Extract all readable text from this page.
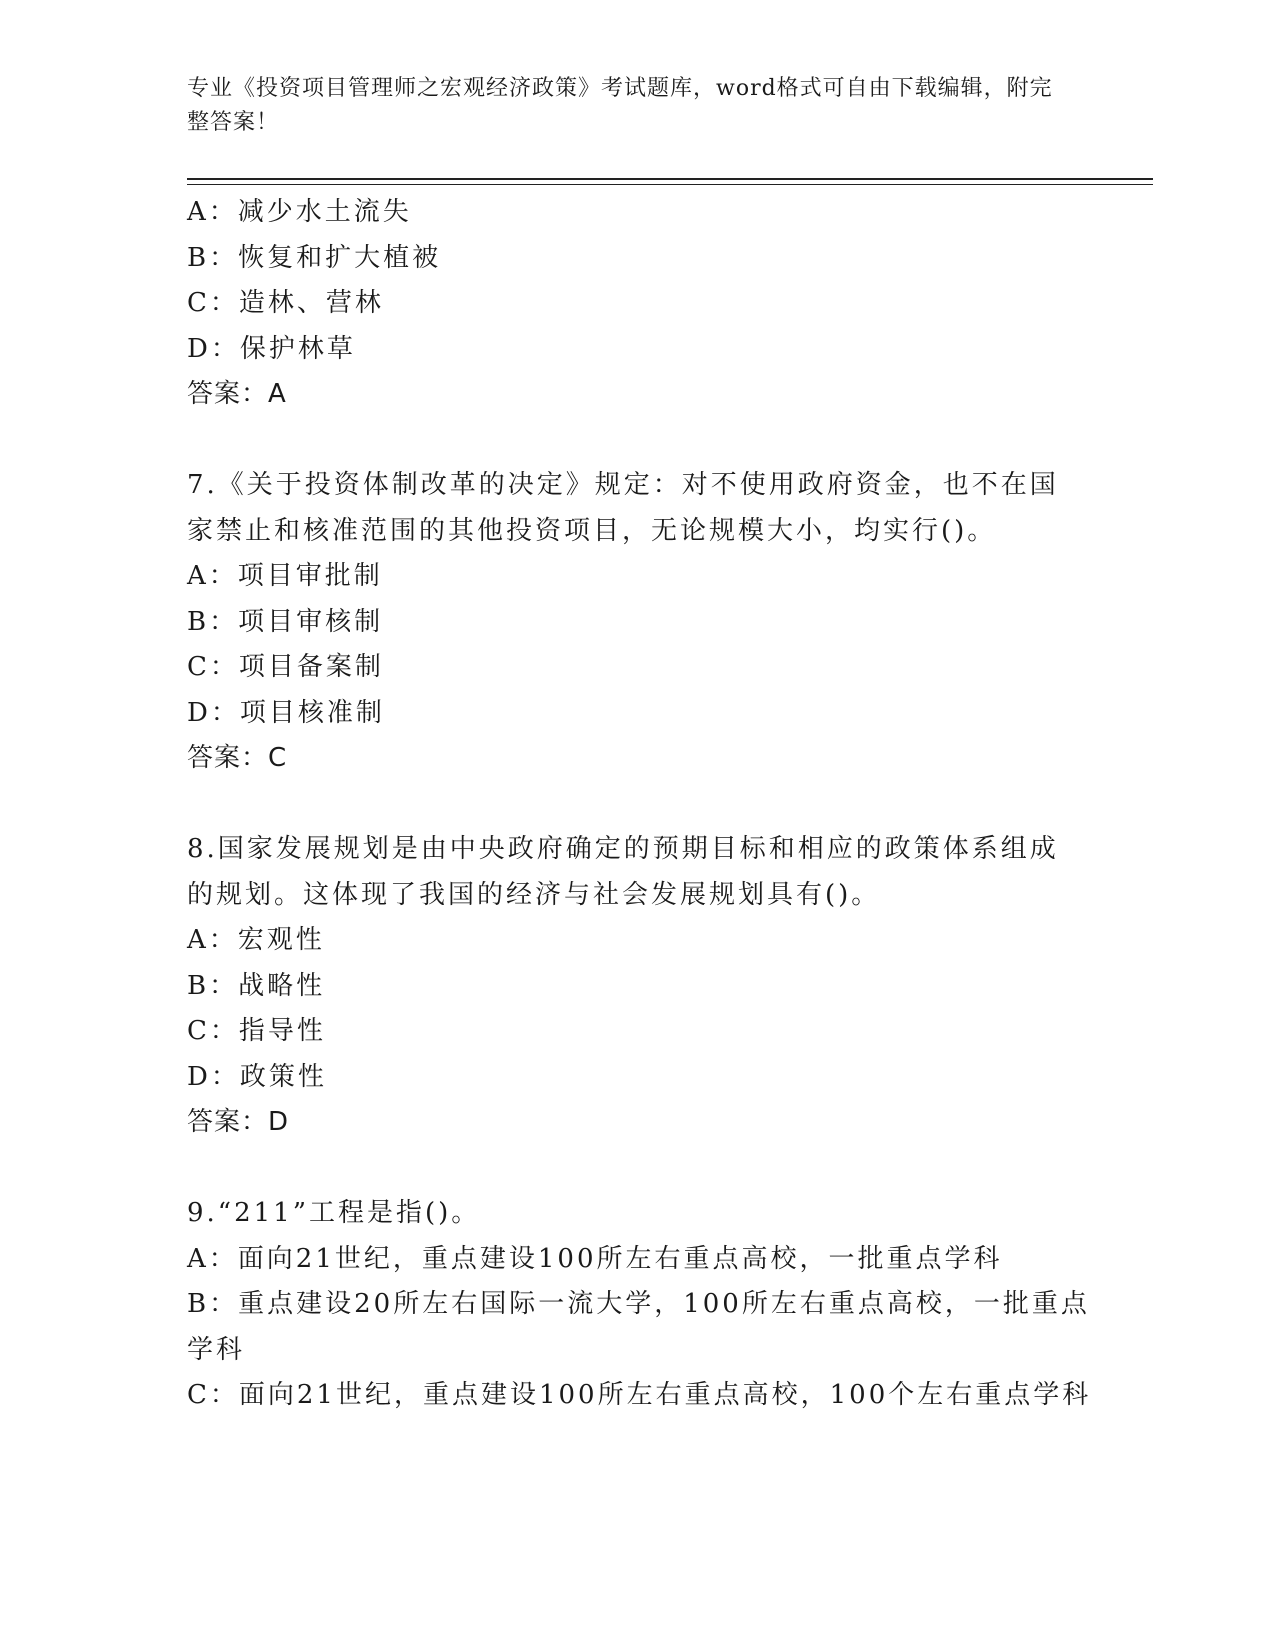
专业《投资项目管理师之宏观经济政策》考试题库，word格式可自由下载编辑，附完整答案！
A：减少水土流失
B：恢复和扩大植被
C：造林、营林
D：保护林草
答案：A
7.《关于投资体制改革的决定》规定：对不使用政府资金，也不在国
家禁止和核准范围的其他投资项目，无论规模大小，均实行()。
A：项目审批制
B：项目审核制
C：项目备案制
D：项目核准制
答案：C
8.国家发展规划是由中央政府确定的预期目标和相应的政策体系组成
的规划。这体现了我国的经济与社会发展规划具有()。
A：宏观性
B：战略性
C：指导性
D：政策性
答案：D
9.“211”工程是指()。
A：面向21世纪，重点建设100所左右重点高校，一批重点学科
B：重点建设20所左右国际一流大学，100所左右重点高校，一批重点
学科
C：面向21世纪，重点建设100所左右重点高校，100个左右重点学科
